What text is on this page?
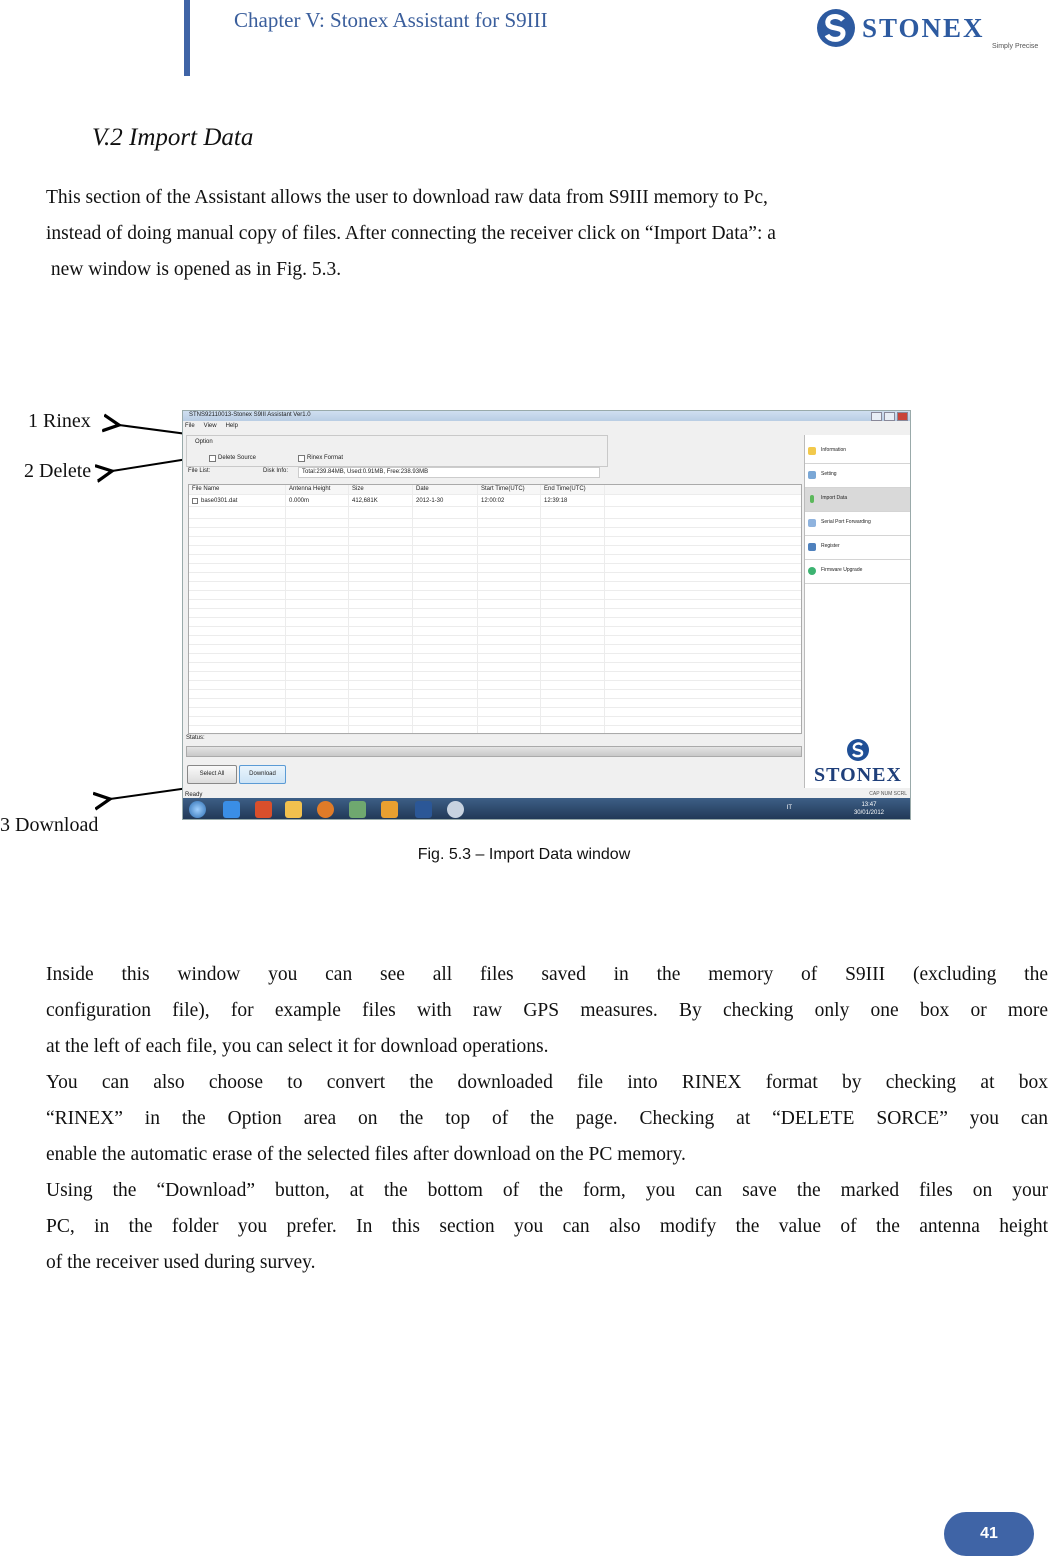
Chapter V: Stonex Assistant for S9III	STONEX
Simply Precise
V.2 Import Data

This section of the Assistant allows the user to download raw data from S9III memory to Pc,

instead of doing manual copy of files. After connecting the receiver click on “Import Data”: a

new window is opened as in Fig. 5.3.

1 Rinex
2 Delete
3 Download
STNS92110013-Stonex S9III Assistant Ver1.0
File View Help
Option
Delete Source	Rinex Format
File List:	Disk Info: Total:239.84MB, Used:0.91MB, Free:238.93MB
File Name	Antenna Height	Size	Date	Start Time(UTC)	End Time(UTC)
base0301.dat	0.000m	412,681K	2012-1-30	12:00:02	12:39:18
Status:
Select All	Download
Ready	CAP NUM SCRL
Information
Setting
Import Data
Serial Port Forwarding
Register
Firmware Upgrade
STONEX
IT	13:47
30/01/2012
Fig. 5.3 – Import Data window

Inside this window you can see all files saved in the memory of S9III (excluding the

configuration file), for example files with raw GPS measures. By checking only one box or more

at the left of each file, you can select it for download operations.

You can also choose to convert the downloaded file into RINEX format by checking at box

“RINEX” in the Option area on the top of the page. Checking at “DELETE SORCE” you can

enable the automatic erase of the selected files after download on the PC memory.

Using the “Download” button, at the bottom of the form, you can save the marked files on your

PC, in the folder you prefer. In this section you can also modify the value of the antenna height

of the receiver used during survey.

41
